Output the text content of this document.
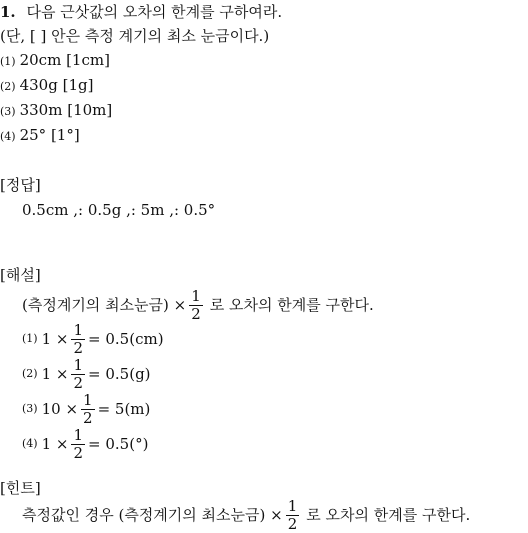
1. 다음 근삿값의 오차의 한계를 구하여라.
(단, [ ] 안은 측정 계기의 최소 눈금이다.)
(1) 20cm [1cm]
(2) 430g [1g]
(3) 330m [10m]
(4) 25° [1°]
[정답]
0.5cm ,: 0.5g ,: 5m ,: 0.5°
[해설]
(측정계기의 최소눈금) × $\frac{1}{2}$ 로 오차의 한계를 구한다.
(1) $1 \times \frac{1}{2} = 0.5(cm)$
(2) $1 \times \frac{1}{2} = 0.5(g)$
(3) $10 \times \frac{1}{2} = 5(m)$
(4) $1 \times \frac{1}{2} = 0.5(^\circ)$
[힌트]
측정값인 경우 (측정계기의 최소눈금) × $\frac{1}{2}$ 로 오차의 한계를 구한다.
